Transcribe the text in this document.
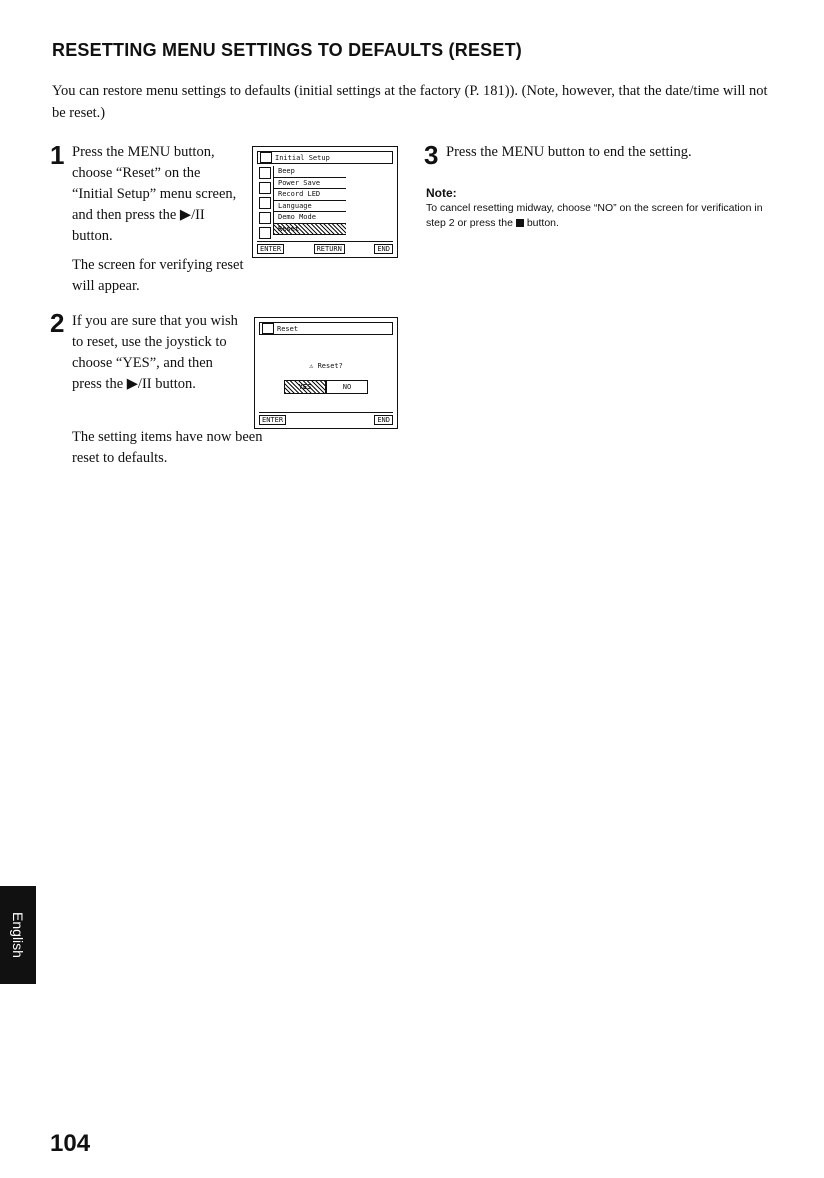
RESETTING MENU SETTINGS TO DEFAULTS (RESET)
You can restore menu settings to defaults (initial settings at the factory (P. 181)). (Note, however, that the date/time will not be reset.)
1 Press the MENU button, choose “Reset” on the “Initial Setup” menu screen, and then press the ▶/II button.
The screen for verifying reset will appear.
Initial Setup
Beep
Power Save
Record LED
Language
Demo Mode
Reset
ENTER	RETURN	END
2 If you are sure that you wish to reset, use the joystick to choose “YES”, and then press the ▶/II button.
The setting items have now been reset to defaults.
Reset
⚠ Reset?
YES	NO
ENTER	END
3 Press the MENU button to end the setting.
Note:
To cancel resetting midway, choose “NO” on the screen for verification in step 2 or press the button.
English
104
